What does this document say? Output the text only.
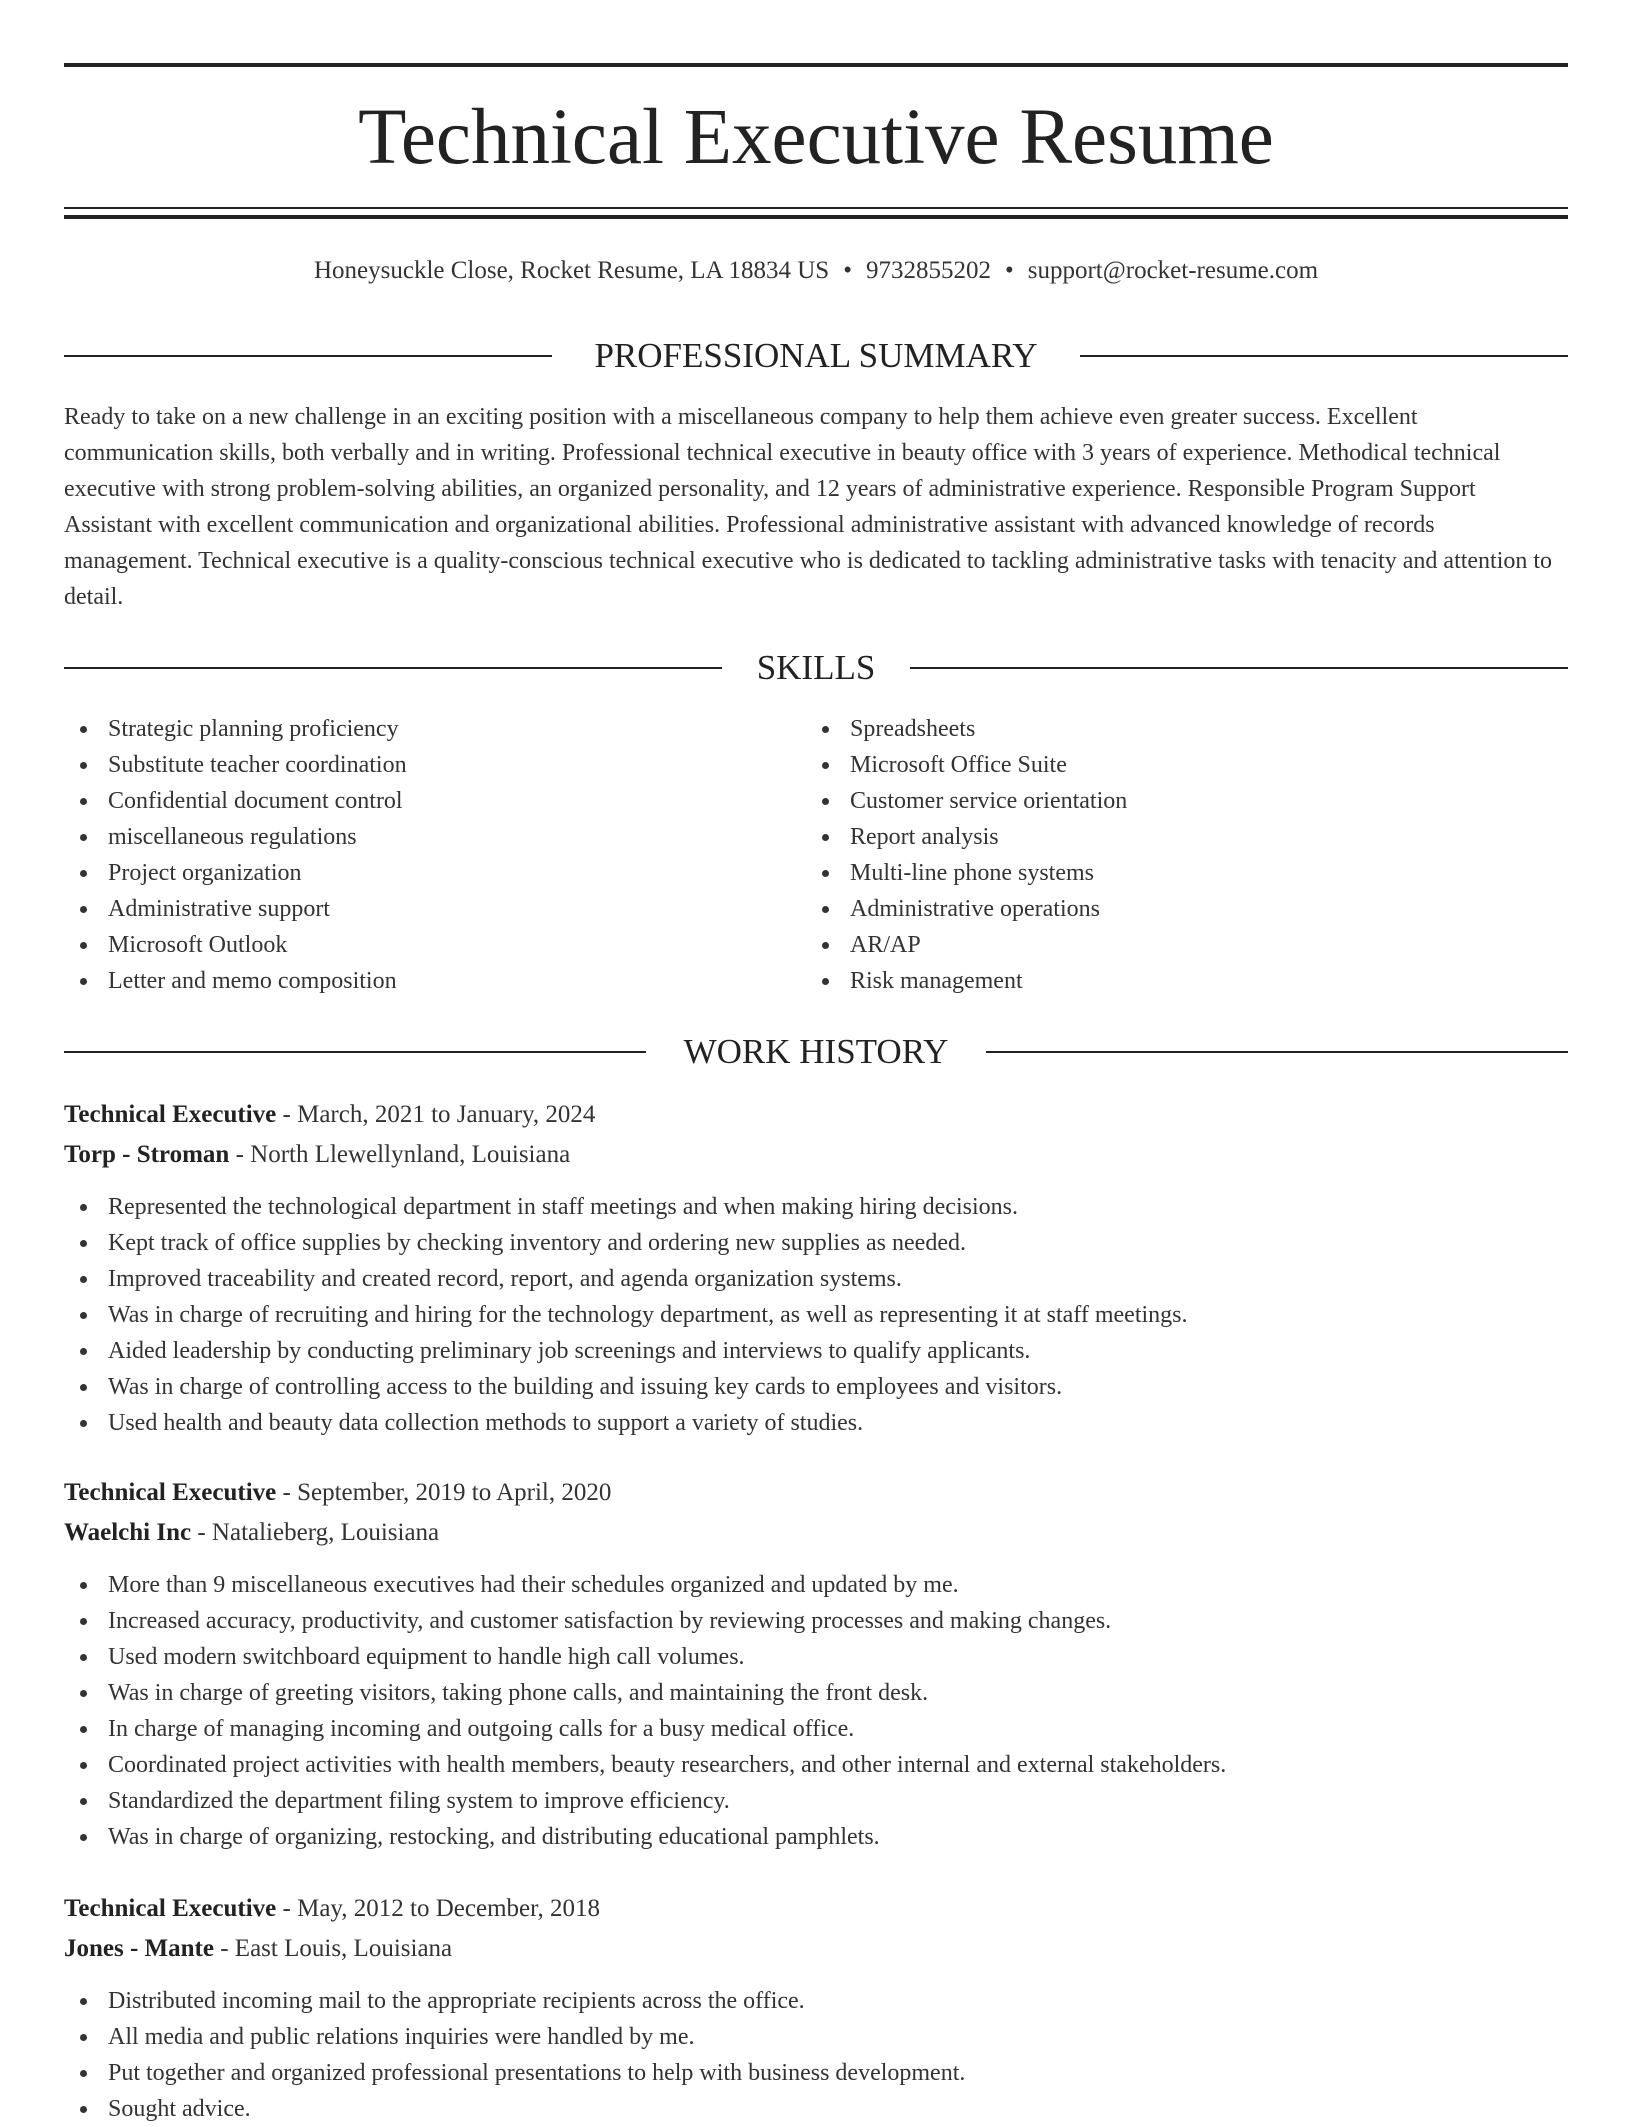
Technical Executive Resume
Honeysuckle Close, Rocket Resume, LA 18834 US • 9732855202 • support@rocket-resume.com
PROFESSIONAL SUMMARY

Ready to take on a new challenge in an exciting position with a miscellaneous company to help them achieve even greater success. Excellent communication skills, both verbally and in writing. Professional technical executive in beauty office with 3 years of experience. Methodical technical executive with strong problem-solving abilities, an organized personality, and 12 years of administrative experience. Responsible Program Support Assistant with excellent communication and organizational abilities. Professional administrative assistant with advanced knowledge of records management. Technical executive is a quality-conscious technical executive who is dedicated to tackling administrative tasks with tenacity and attention to detail.

SKILLS
Strategic planning proficiency
Substitute teacher coordination
Confidential document control
miscellaneous regulations
Project organization
Administrative support
Microsoft Outlook
Letter and memo composition
Spreadsheets
Microsoft Office Suite
Customer service orientation
Report analysis
Multi-line phone systems
Administrative operations
AR/AP
Risk management
WORK HISTORY
Technical Executive - March, 2021 to January, 2024
Torp - Stroman - North Llewellynland, Louisiana
Represented the technological department in staff meetings and when making hiring decisions.
Kept track of office supplies by checking inventory and ordering new supplies as needed.
Improved traceability and created record, report, and agenda organization systems.
Was in charge of recruiting and hiring for the technology department, as well as representing it at staff meetings.
Aided leadership by conducting preliminary job screenings and interviews to qualify applicants.
Was in charge of controlling access to the building and issuing key cards to employees and visitors.
Used health and beauty data collection methods to support a variety of studies.
Technical Executive - September, 2019 to April, 2020
Waelchi Inc - Natalieberg, Louisiana
More than 9 miscellaneous executives had their schedules organized and updated by me.
Increased accuracy, productivity, and customer satisfaction by reviewing processes and making changes.
Used modern switchboard equipment to handle high call volumes.
Was in charge of greeting visitors, taking phone calls, and maintaining the front desk.
In charge of managing incoming and outgoing calls for a busy medical office.
Coordinated project activities with health members, beauty researchers, and other internal and external stakeholders.
Standardized the department filing system to improve efficiency.
Was in charge of organizing, restocking, and distributing educational pamphlets.
Technical Executive - May, 2012 to December, 2018
Jones - Mante - East Louis, Louisiana
Distributed incoming mail to the appropriate recipients across the office.
All media and public relations inquiries were handled by me.
Put together and organized professional presentations to help with business development.
Sought advice.
